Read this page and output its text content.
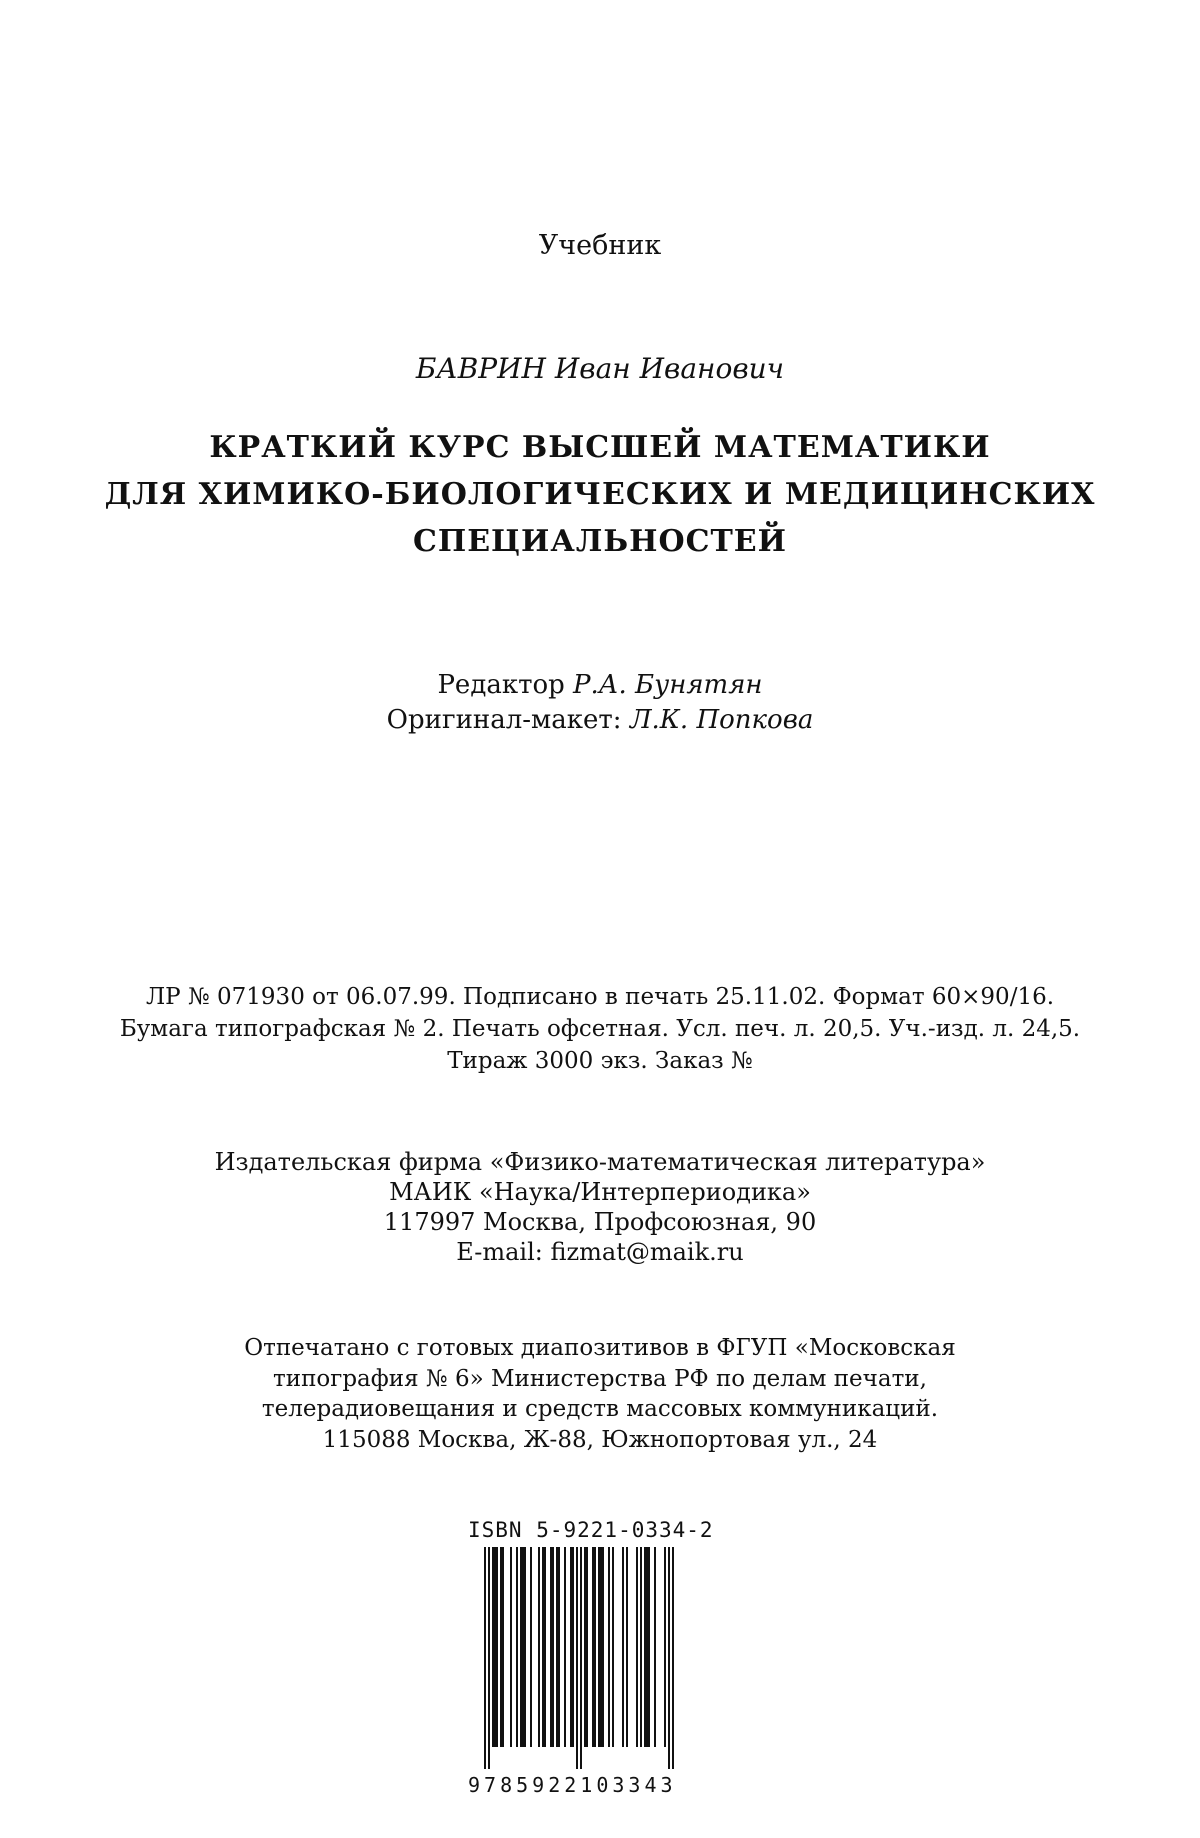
Учебник
БАВРИН Иван Иванович
КРАТКИЙ КУРС ВЫСШЕЙ МАТЕМАТИКИ
ДЛЯ ХИМИКО-БИОЛОГИЧЕСКИХ И МЕДИЦИНСКИХ
СПЕЦИАЛЬНОСТЕЙ
Редактор Р.А. Бунятян
Оригинал-макет: Л.К. Попкова
ЛР № 071930 от 06.07.99. Подписано в печать 25.11.02. Формат 60×90/16.
Бумага типографская № 2. Печать офсетная. Усл. печ. л. 20,5. Уч.-изд. л. 24,5.
Тираж 3000 экз. Заказ №
Издательская фирма «Физико-математическая литература»
МАИК «Наука/Интерпериодика»
117997 Москва, Профсоюзная, 90
E-mail: fizmat@maik.ru
Отпечатано с готовых диапозитивов в ФГУП «Московская
типография № 6» Министерства РФ по делам печати,
телерадиовещания и средств массовых коммуникаций.
115088 Москва, Ж-88, Южнопортовая ул., 24
ISBN 5-9221-0334-2
9785922103343
